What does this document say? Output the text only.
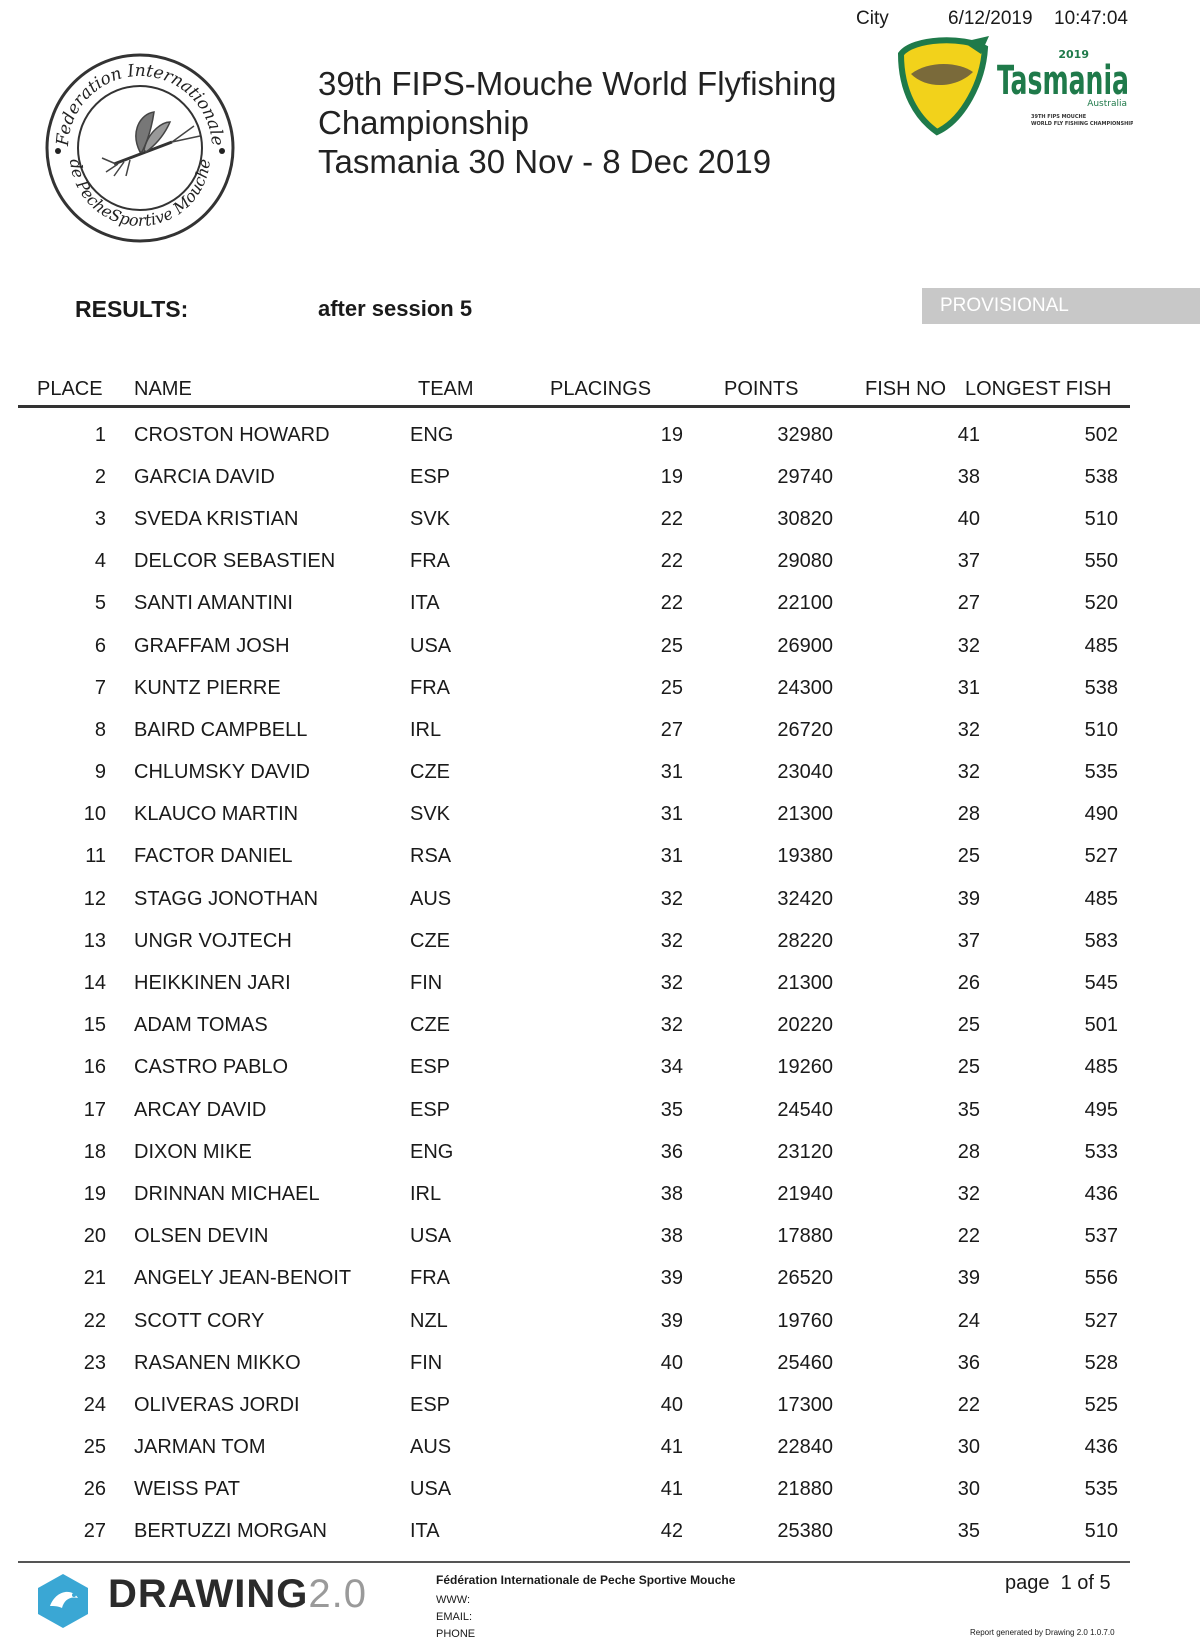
City	6/12/2019 10:47:04
Federation Internationale
de PecheSportive Mouche
39th FIPS-Mouche World Flyfishing
Championship
Tasmania 30 Nov - 8 Dec 2019
2019
Tasmania
Australia
39TH FIPS MOUCHE
WORLD FLY FISHING CHAMPIONSHIP
RESULTS:	after session 5	PROVISIONAL
PLACE NAME	TEAM	PLACINGS	POINTS	FISH NO LONGEST FISH
1	CROSTON HOWARD	ENG	19	32980	41	502
2	GARCIA DAVID	ESP	19	29740	38	538
3	SVEDA KRISTIAN	SVK	22	30820	40	510
4	DELCOR SEBASTIEN	FRA	22	29080	37	550
5	SANTI AMANTINI	ITA	22	22100	27	520
6	GRAFFAM JOSH	USA	25	26900	32	485
7	KUNTZ PIERRE	FRA	25	24300	31	538
8	BAIRD CAMPBELL	IRL	27	26720	32	510
9	CHLUMSKY DAVID	CZE	31	23040	32	535
10	KLAUCO MARTIN	SVK	31	21300	28	490
11	FACTOR DANIEL	RSA	31	19380	25	527
12	STAGG JONOTHAN	AUS	32	32420	39	485
13	UNGR VOJTECH	CZE	32	28220	37	583
14	HEIKKINEN JARI	FIN	32	21300	26	545
15	ADAM TOMAS	CZE	32	20220	25	501
16	CASTRO PABLO	ESP	34	19260	25	485
17	ARCAY DAVID	ESP	35	24540	35	495
18	DIXON MIKE	ENG	36	23120	28	533
19	DRINNAN MICHAEL	IRL	38	21940	32	436
20	OLSEN DEVIN	USA	38	17880	22	537
21	ANGELY JEAN-BENOIT	FRA	39	26520	39	556
22	SCOTT CORY	NZL	39	19760	24	527
23	RASANEN MIKKO	FIN	40	25460	36	528
24	OLIVERAS JORDI	ESP	40	17300	22	525
25	JARMAN TOM	AUS	41	22840	30	436
26	WEISS PAT	USA	41	21880	30	535
27	BERTUZZI MORGAN	ITA	42	25380	35	510
DRAWING2.0	Fédération Internationale de Peche Sportive Mouche
WWW:
EMAIL:
PHONE
page 1 of 5
Report generated by Drawing 2.0 1.0.7.0
